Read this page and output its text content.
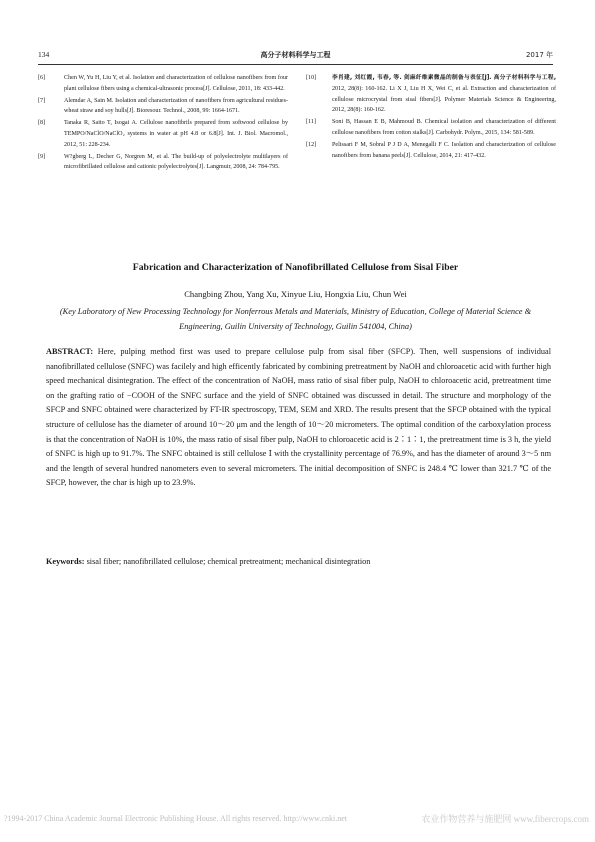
134	高分子材料科学与工程	2017 年
[6]	Chen W, Yu H, Liu Y, et al. Isolation and characterization of cellulose nanofibers from four plant cellulose fibers using a chemical-ultrasonic process[J]. Cellulose, 2011, 18: 433-442.
[7]	Alemdar A, Sain M. Isolation and characterization of nanofibers from agricultural residues-wheat straw and soy hulls[J]. Bioresour. Technol., 2008, 99: 1664-1671.
[8]	Tanaka R, Saito T, Isogai A. Cellulose nanofibrils prepared from softwood cellulose by TEMPO/NaClO/NaClO₂ systems in water at pH 4.8 or 6.8[J]. Int. J. Biol. Macromol., 2012, 51: 228-234.
[9]	W?gberg L, Decher G, Norgren M, et al. The build-up of polyelectrolyte multilayers of microfibrillated cellulose and cationic polyelectrolytes[J]. Langmuir, 2008, 24: 784-795.
[10]	李肖建, 刘红霞, 韦春, 等. 剑麻纤维素微晶的制备与表征[J]. 高分子材料科学与工程, 2012, 28(8): 160-162. Li X J, Liu H X, Wei C, et al. Extraction and characterization of cellulose microcrystal from sisal fibers[J]. Polymer Materials Science & Engineering, 2012, 28(8): 160-162.
[11]	Soni B, Hassan E B, Mahmoud B. Chemical isolation and characterization of different cellulose nanofibers from cotton stalks[J]. Carbohydr. Polym., 2015, 134: 581-589.
[12]	Pelissari F M, Sobral P J D A, Menegalli F C. Isolation and characterization of cellulose nanofibers from banana peels[J]. Cellulose, 2014, 21: 417-432.
Fabrication and Characterization of Nanofibrillated Cellulose from Sisal Fiber
Changbing Zhou, Yang Xu, Xinyue Liu, Hongxia Liu, Chun Wei
(Key Laboratory of New Processing Technology for Nonferrous Metals and Materials, Ministry of Education, College of Material Science & Engineering, Guilin University of Technology, Guilin 541004, China)
ABSTRACT: Here, pulping method first was used to prepare cellulose pulp from sisal fiber (SFCP). Then, well suspensions of individual nanofibrillated cellulose (SNFC) was facilely and high efficently fabricated by combining pretreatment by NaOH and chloroacetic acid with further high speed mechanical disintegration. The effect of the concentration of NaOH, mass ratio of sisal fiber pulp, NaOH to chloroacetic acid, pretreatment time on the grafting ratio of −COOH of the SNFC surface and the yield of SNFC obtained was discussed in detail. The structure and morphology of the SFCP and SNFC obtained were characterized by FT-IR spectroscopy, TEM, SEM and XRD. The results present that the SFCP obtained with the typical structure of cellulose has the diameter of around 10～20 μm and the length of 10～20 micrometers. The optimal condition of the carboxylation process is that the concentration of NaOH is 10%, the mass ratio of sisal fiber pulp, NaOH to chloroacetic acid is 2∶1∶1, the pretreatment time is 3 h, the yield of SNFC is high up to 91.7%. The SNFC obtained is still cellulose Ⅰ with the crystallinity percentage of 76.9%, and has the diameter of around 3～5 nm and the length of several hundred nanometers even to several micrometers. The initial decomposition of SNFC is 248.4 ℃ lower than 321.7 ℃ of the SFCP, however, the char is high up to 23.9%.
Keywords: sisal fiber; nanofibrillated cellulose; chemical pretreatment; mechanical disintegration
?1994-2017 China Academic Journal Electronic Publishing House. All rights reserved. http://www.cnki.net	农业作物营养与施肥网 www.fibercrops.com
